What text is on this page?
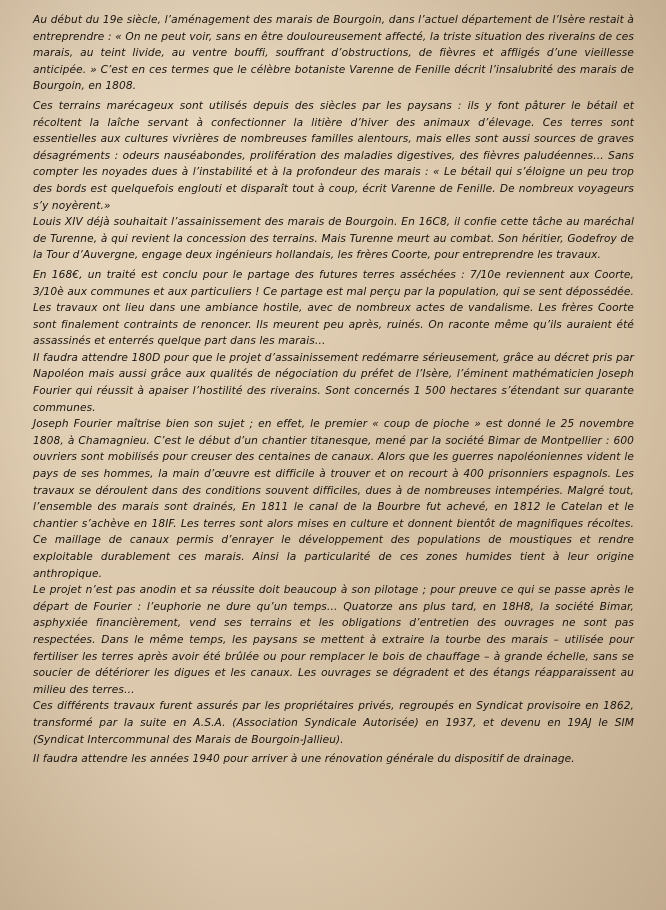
Au début du 19e siècle, l’aménagement des marais de Bourgoin, dans l’actuel département de l’Isère restait à entreprendre : « On ne peut voir, sans en être douloureusement affecté, la triste situation des riverains de ces marais, au teint livide, au ventre bouffi, souffrant d’obstructions, de fièvres et affligés d’une vieillesse anticipée. » C’est en ces termes que le célèbre botaniste Varenne de Fenille décrit l’insalubrité des marais de Bourgoin, en 1808.

Ces terrains marécageux sont utilisés depuis des siècles par les paysans : ils y font pâturer le bétail et récoltent la laîche servant à confectionner la litière d’hiver des animaux d’élevage. Ces terres sont essentielles aux cultures vivrières de nombreuses familles alentours, mais elles sont aussi sources de graves désagréments : odeurs nauséabondes, prolifération des maladies digestives, des fièvres paludéennes… Sans compter les noyades dues à l’instabilité et à la profondeur des marais : « Le bétail qui s’éloigne un peu trop des bords est quelquefois englouti et disparaît tout à coup, écrit Varenne de Fenille. De nombreux voyageurs s’y noyèrent.»

Louis XIV déjà souhaitait l’assainissement des marais de Bourgoin. En 16C8, il confie cette tâche au maréchal de Turenne, à qui revient la concession des terrains. Mais Turenne meurt au combat. Son héritier, Godefroy de la Tour d’Auvergne, engage deux ingénieurs hollandais, les frères Coorte, pour entreprendre les travaux.

En 168€, un traité est conclu pour le partage des futures terres asséchées : 7/10e reviennent aux Coorte, 3/10è aux communes et aux particuliers ! Ce partage est mal perçu par la population, qui se sent dépossédée. Les travaux ont lieu dans une ambiance hostile, avec de nombreux actes de vandalisme. Les frères Coorte sont finalement contraints de renoncer. Ils meurent peu après, ruinés. On raconte même qu’ils auraient été assassinés et enterrés quelque part dans les marais…

Il faudra attendre 180D pour que le projet d’assainissement redémarre sérieusement, grâce au décret pris par Napoléon mais aussi grâce aux qualités de négociation du préfet de l’Isère, l’éminent mathématicien Joseph Fourier qui réussit à apaiser l’hostilité des riverains. Sont concernés 1 500 hectares s’étendant sur quarante communes.

Joseph Fourier maîtrise bien son sujet ; en effet, le premier « coup de pioche » est donné le 25 novembre 1808, à Chamagnieu. C’est le début d’un chantier titanesque, mené par la société Bimar de Montpellier : 600 ouvriers sont mobilisés pour creuser des centaines de canaux. Alors que les guerres napoléoniennes vident le pays de ses hommes, la main d’œuvre est difficile à trouver et on recourt à 400 prisonniers espagnols. Les travaux se déroulent dans des conditions souvent difficiles, dues à de nombreuses intempéries. Malgré tout, l’ensemble des marais sont drainés, En 1811 le canal de la Bourbre fut achevé, en 1812 le Catelan et le chantier s’achève en 18IF. Les terres sont alors mises en culture et donnent bientôt de magnifiques récoltes. Ce maillage de canaux permis d’enrayer le développement des populations de moustiques et rendre exploitable durablement ces marais. Ainsi la particularité de ces zones humides tient à leur origine anthropique.

Le projet n’est pas anodin et sa réussite doit beaucoup à son pilotage ; pour preuve ce qui se passe après le départ de Fourier : l’euphorie ne dure qu’un temps… Quatorze ans plus tard, en 18H8, la société Bimar, asphyxiée financièrement, vend ses terrains et les obligations d’entretien des ouvrages ne sont pas respectées. Dans le même temps, les paysans se mettent à extraire la tourbe des marais – utilisée pour fertiliser les terres après avoir été brûlée ou pour remplacer le bois de chauffage – à grande échelle, sans se soucier de détériorer les digues et les canaux. Les ouvrages se dégradent et des étangs réapparaissent au milieu des terres…

Ces différents travaux furent assurés par les propriétaires privés, regroupés en Syndicat provisoire en 1862, transformé par la suite en A.S.A. (Association Syndicale Autorisée) en 1937, et devenu en 19AJ le SIM (Syndicat Intercommunal des Marais de Bourgoin-Jallieu).

Il faudra attendre les années 1940 pour arriver à une rénovation générale du dispositif de drainage.
